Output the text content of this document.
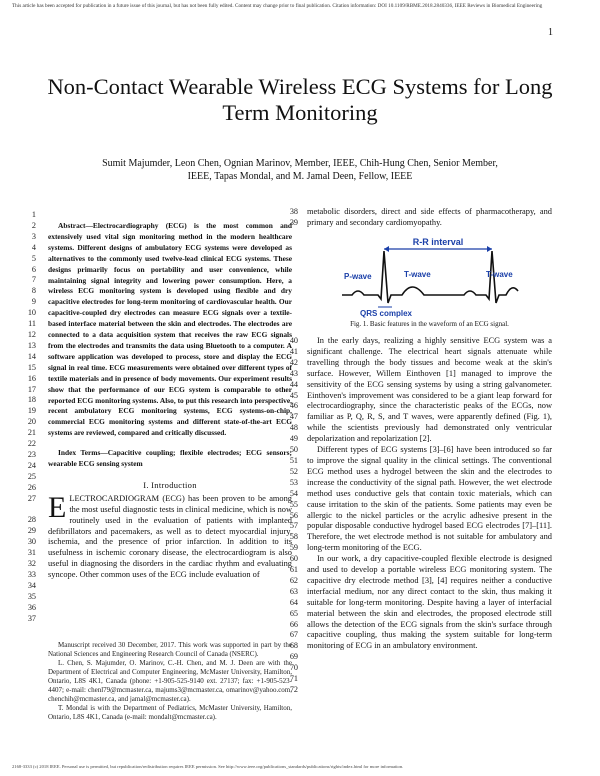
This article has been accepted for publication in a future issue of this journal, but has not been fully edited. Content may change prior to final publication. Citation information: DOI 10.1109/RBME.2018.2840336, IEEE Reviews in Biomedical Engineering
1
Non-Contact Wearable Wireless ECG Systems for Long Term Monitoring
Sumit Majumder, Leon Chen, Ognian Marinov, Member, IEEE, Chih-Hung Chen, Senior Member,
IEEE, Tapas Mondal, and M. Jamal Deen, Fellow, IEEE
1
2
3
4
5
6
7
8
9
10
11
12
13
14
15
16
17
18
19
20
21
22
23
24
25
26
27

28
29
30
31
32
33
34
35
36
37

Abstract—Electrocardiography (ECG) is the most common and extensively used vital sign monitoring method in the modern healthcare systems. Different designs of ambulatory ECG systems were developed as alternatives to the commonly used twelve-lead clinical ECG systems. These designs primarily focus on portability and user convenience, while maintaining signal integrity and lowering power consumption. Here, a wireless ECG monitoring system is developed using flexible and dry capacitive electrodes for long-term monitoring of cardiovascular health. Our capacitive-coupled dry electrodes can measure ECG signals over a textile-based interface material between the skin and electrodes. The electrodes are connected to a data acquisition system that receives the raw ECG signals from the electrodes and transmits the data using Bluetooth to a computer. A software application was developed to process, store and display the ECG signal in real time. ECG measurements were obtained over different types of textile materials and in presence of body movements. Our experiment results show that the performance of our ECG system is comparable to other reported ECG monitoring systems. Also, to put this research into perspective, recent ambulatory ECG monitoring systems, ECG systems-on-chip, commercial ECG monitoring systems and different state-of-the-art ECG systems are reviewed, compared and critically discussed.

Index Terms—Capacitive coupling; flexible electrodes; ECG sensors; wearable ECG sensing system

I. Introduction

ELECTROCARDIOGRAM (ECG) has been proven to be among the most useful diagnostic tests in clinical medicine, which is now routinely used in the evaluation of patients with implanted defibrillators and pacemakers, as well as to detect myocardial injury, ischemia, and the presence of prior infarction. In addition to its usefulness in ischemic coronary disease, the electrocardiogram is also useful in diagnosing the disorders in the cardiac rhythm and evaluating syncope. Other common uses of the ECG include evaluation of

Manuscript received 30 December, 2017. This work was supported in part by the National Sciences and Engineering Research Council of Canada (NSERC).

L. Chen, S. Majumder, O. Marinov, C.-H. Chen, and M. J. Deen are with the Department of Electrical and Computer Engineering, McMaster University, Hamilton, Ontario, L8S 4K1, Canada (phone: +1-905-525-9140 ext. 27137; fax: +1-905-523-4407; e-mail: chenl79@mcmaster.ca, majums3@mcmaster.ca, omarinov@yahoo.com, chenchih@mcmaster.ca, and jamal@mcmaster.ca).

T. Mondal is with the Department of Pediatrics, McMaster University, Hamilton, Ontario, L8S 4K1, Canada (e-mail: mondalt@mcmaster.ca).

38
39
40
41
42
43
44
45
46
47
48
49
50
51
52
53
54
55
56
57
58
59
60
61
62
63
64
65
66
67
68
69
70
71
72
metabolic disorders, direct and side effects of pharmacotherapy, and primary and secondary cardiomyopathy.
R-R interval
P-wave	T-wave	T-wave
QRS complex
Fig. 1. Basic features in the waveform of an ECG signal.

In the early days, realizing a highly sensitive ECG system was a significant challenge. The electrical heart signals attenuate while travelling through the body tissues and become weak at the skin's surface. However, Willem Einthoven [1] managed to improve the sensitivity of the ECG sensing systems by using a string galvanometer. Einthoven's improvement was considered to be a giant leap forward for electrocardiography, since the characteristic peaks of the ECGs, now familiar as P, Q, R, S, and T waves, were apparently defined (Fig. 1), while the scientists previously had demonstrated only ventricular depolarization and repolarization [2].

Different types of ECG systems [3]–[6] have been introduced so far to improve the signal quality in the clinical settings. The conventional ECG method uses a hydrogel between the skin and the electrodes to increase the conductivity of the signal path. However, the wet electrode method uses conductive gels that contain toxic materials, which can cause irritation to the skin of the patients. Some patients may even be allergic to the nickel particles or the acrylic adhesive present in the popular disposable conductive hydrogel based ECG electrodes [7]–[11]. Therefore, the wet electrode method is not suitable for ambulatory and long-term monitoring of the ECG.

In our work, a dry capacitive-coupled flexible electrode is designed and used to develop a portable wireless ECG monitoring system. The capacitive dry electrode method [3], [4] requires neither a conductive interfacial medium, nor any direct contact to the skin, thus making it suitable for long-term monitoring. Despite having a layer of interfacial material between the skin and electrodes, the proposed electrode still allows the detection of the ECG signals from the skin's surface through capacitive coupling, thus making the system suitable for long-term monitoring of ECG in an ambulatory environment.

2168-3333 (c) 2018 IEEE. Personal use is permitted, but republication/redistribution requires IEEE permission. See http://www.ieee.org/publications_standards/publications/rights/index.html for more information.
